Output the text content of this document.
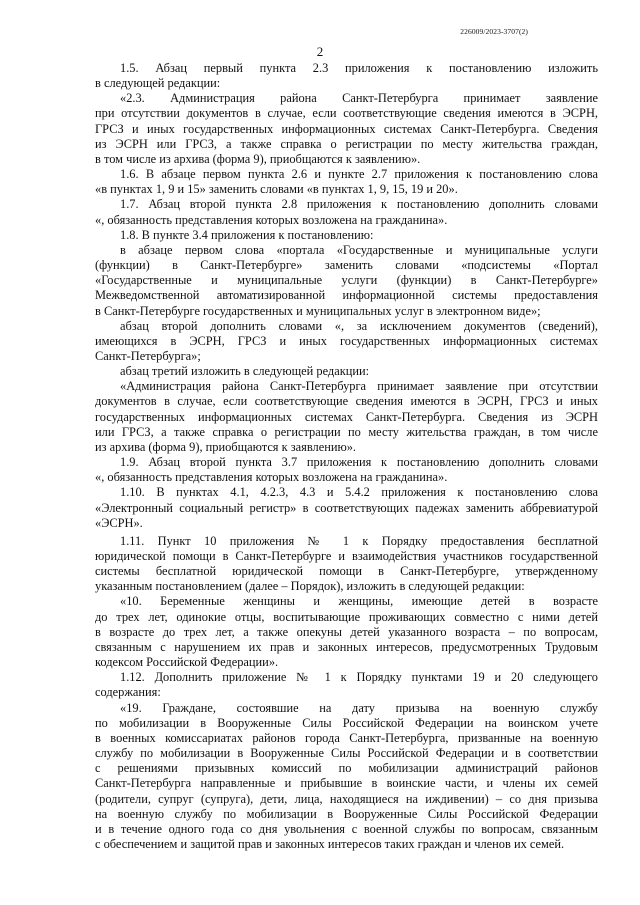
226009/2023-3707(2)
2

1.5. Абзац первый пункта 2.3 приложения к постановлению изложить

в следующей редакции:

«2.3. Администрация района Санкт-Петербурга принимает заявление

при отсутствии документов в случае, если соответствующие сведения имеются в ЭСРН,

ГРСЗ и иных государственных информационных системах Санкт-Петербурга. Сведения

из ЭСРН или ГРСЗ, а также справка о регистрации по месту жительства граждан,

в том числе из архива (форма 9), приобщаются к заявлению».

1.6. В абзаце первом пункта 2.6 и пункте 2.7 приложения к постановлению слова

«в пунктах 1, 9 и 15» заменить словами «в пунктах 1, 9, 15, 19 и 20».

1.7. Абзац второй пункта 2.8 приложения к постановлению дополнить словами

«, обязанность представления которых возложена на гражданина».

1.8. В пункте 3.4 приложения к постановлению:

в абзаце первом слова «портала «Государственные и муниципальные услуги

(функции) в Санкт-Петербурге» заменить словами «подсистемы «Портал

«Государственные и муниципальные услуги (функции) в Санкт-Петербурге»

Межведомственной автоматизированной информационной системы предоставления

в Санкт-Петербурге государственных и муниципальных услуг в электронном виде»;

абзац второй дополнить словами «, за исключением документов (сведений),

имеющихся в ЭСРН, ГРСЗ и иных государственных информационных системах

Санкт-Петербурга»;

абзац третий изложить в следующей редакции:

«Администрация района Санкт-Петербурга принимает заявление при отсутствии

документов в случае, если соответствующие сведения имеются в ЭСРН, ГРСЗ и иных

государственных информационных системах Санкт-Петербурга. Сведения из ЭСРН

или ГРСЗ, а также справка о регистрации по месту жительства граждан, в том числе

из архива (форма 9), приобщаются к заявлению».

1.9. Абзац второй пункта 3.7 приложения к постановлению дополнить словами

«, обязанность представления которых возложена на гражданина».

1.10. В пунктах 4.1, 4.2.3, 4.3 и 5.4.2 приложения к постановлению слова

«Электронный социальный регистр» в соответствующих падежах заменить аббревиатурой

«ЭСРН».

1.11. Пункт 10 приложения № 1 к Порядку предоставления бесплатной

юридической помощи в Санкт-Петербурге и взаимодействия участников государственной

системы бесплатной юридической помощи в Санкт-Петербурге, утвержденному

указанным постановлением (далее – Порядок), изложить в следующей редакции:

«10. Беременные женщины и женщины, имеющие детей в возрасте

до трех лет, одинокие отцы, воспитывающие проживающих совместно с ними детей

в возрасте до трех лет, а также опекуны детей указанного возраста – по вопросам,

связанным с нарушением их прав и законных интересов, предусмотренных Трудовым

кодексом Российской Федерации».

1.12. Дополнить приложение № 1 к Порядку пунктами 19 и 20 следующего

содержания:

«19. Граждане, состоявшие на дату призыва на военную службу

по мобилизации в Вооруженные Силы Российской Федерации на воинском учете

в военных комиссариатах районов города Санкт-Петербурга, призванные на военную

службу по мобилизации в Вооруженные Силы Российской Федерации и в соответствии

с решениями призывных комиссий по мобилизации администраций районов

Санкт-Петербурга направленные и прибывшие в воинские части, и члены их семей

(родители, супруг (супруга), дети, лица, находящиеся на иждивении) – со дня призыва

на военную службу по мобилизации в Вооруженные Силы Российской Федерации

и в течение одного года со дня увольнения с военной службы по вопросам, связанным

с обеспечением и защитой прав и законных интересов таких граждан и членов их семей.
